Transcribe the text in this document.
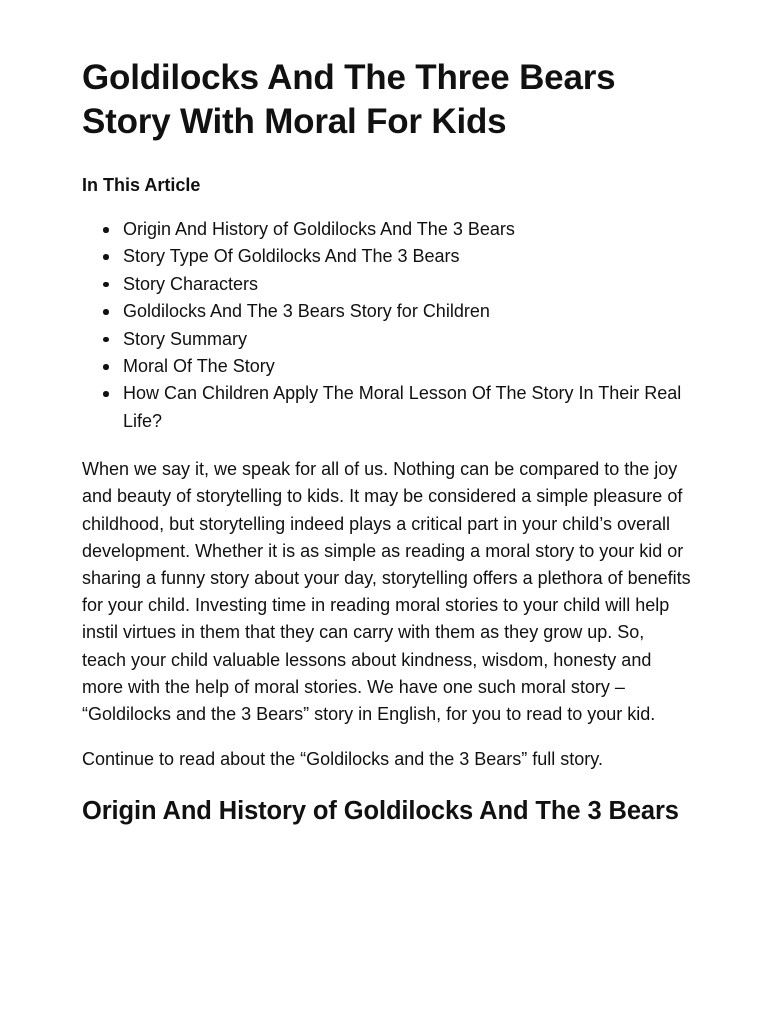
Goldilocks And The Three Bears Story With Moral For Kids
In This Article
Origin And History of Goldilocks And The 3 Bears
Story Type Of Goldilocks And The 3 Bears
Story Characters
Goldilocks And The 3 Bears Story for Children
Story Summary
Moral Of The Story
How Can Children Apply The Moral Lesson Of The Story In Their Real Life?

When we say it, we speak for all of us. Nothing can be compared to the joy and beauty of storytelling to kids. It may be considered a simple pleasure of childhood, but storytelling indeed plays a critical part in your child’s overall development. Whether it is as simple as reading a moral story to your kid or sharing a funny story about your day, storytelling offers a plethora of benefits for your child. Investing time in reading moral stories to your child will help instil virtues in them that they can carry with them as they grow up. So, teach your child valuable lessons about kindness, wisdom, honesty and more with the help of moral stories. We have one such moral story – “Goldilocks and the 3 Bears” story in English, for you to read to your kid.

Continue to read about the “Goldilocks and the 3 Bears” full story.

Origin And History of Goldilocks And The 3 Bears
